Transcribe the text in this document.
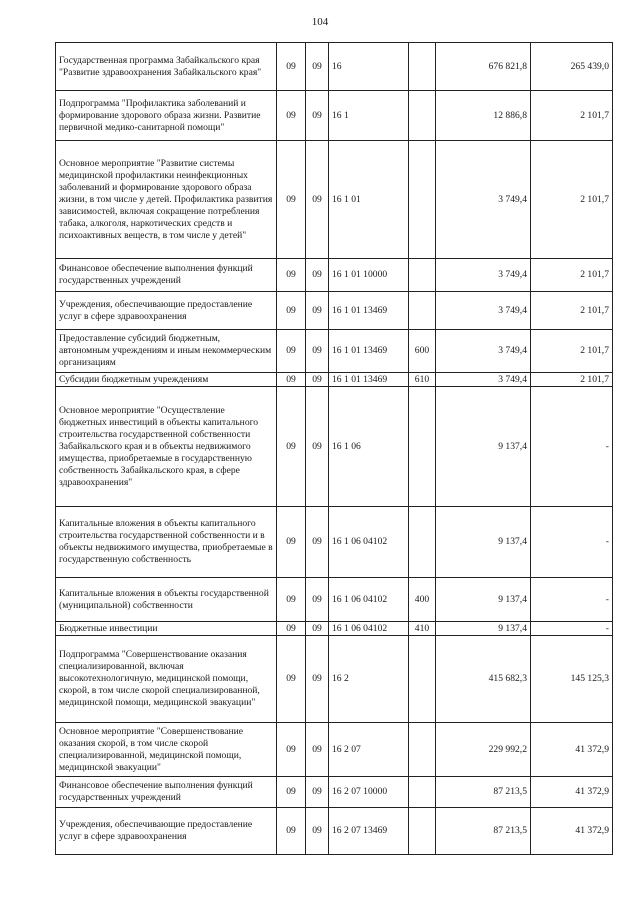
104
Государственная программа Забайкальского края "Развитие здравоохранения Забайкальского края"	09	09	16		676 821,8	265 439,0
Подпрограмма "Профилактика заболеваний и формирование здорового образа жизни. Развитие первичной медико-санитарной помощи"	09	09	16 1		12 886,8	2 101,7
Основное мероприятие "Развитие системы медицинской профилактики неинфекционных заболеваний и формирование здорового образа жизни, в том числе у детей. Профилактика развития зависимостей, включая сокращение потребления табака, алкоголя, наркотических средств и психоактивных веществ, в том числе у детей"	09	09	16 1 01		3 749,4	2 101,7
Финансовое обеспечение выполнения функций государственных учреждений	09	09	16 1 01 10000		3 749,4	2 101,7
Учреждения, обеспечивающие предоставление услуг в сфере здравоохранения	09	09	16 1 01 13469		3 749,4	2 101,7
Предоставление субсидий бюджетным, автономным учреждениям и иным некоммерческим организациям	09	09	16 1 01 13469	600	3 749,4	2 101,7
Субсидии бюджетным учреждениям	09	09	16 1 01 13469	610	3 749,4	2 101,7
Основное мероприятие "Осуществление бюджетных инвестиций в объекты капитального строительства государственной собственности Забайкальского края и в объекты недвижимого имущества, приобретаемые в государственную собственность Забайкальского края, в сфере здравоохранения"	09	09	16 1 06		9 137,4	-
Капитальные вложения в объекты капитального строительства государственной собственности и в объекты недвижимого имущества, приобретаемые в государственную собственность	09	09	16 1 06 04102		9 137,4	-
Капитальные вложения в объекты государственной (муниципальной) собственности	09	09	16 1 06 04102	400	9 137,4	-
Бюджетные инвестиции	09	09	16 1 06 04102	410	9 137,4	-
Подпрограмма "Совершенствование оказания специализированной, включая высокотехнологичную, медицинской помощи, скорой, в том числе скорой специализированной, медицинской помощи, медицинской эвакуации"	09	09	16 2		415 682,3	145 125,3
Основное мероприятие "Совершенствование оказания скорой, в том числе скорой специализированной, медицинской помощи, медицинской эвакуации"	09	09	16 2 07		229 992,2	41 372,9
Финансовое обеспечение выполнения функций государственных учреждений	09	09	16 2 07 10000		87 213,5	41 372,9
Учреждения, обеспечивающие предоставление услуг в сфере здравоохранения	09	09	16 2 07 13469		87 213,5	41 372,9
